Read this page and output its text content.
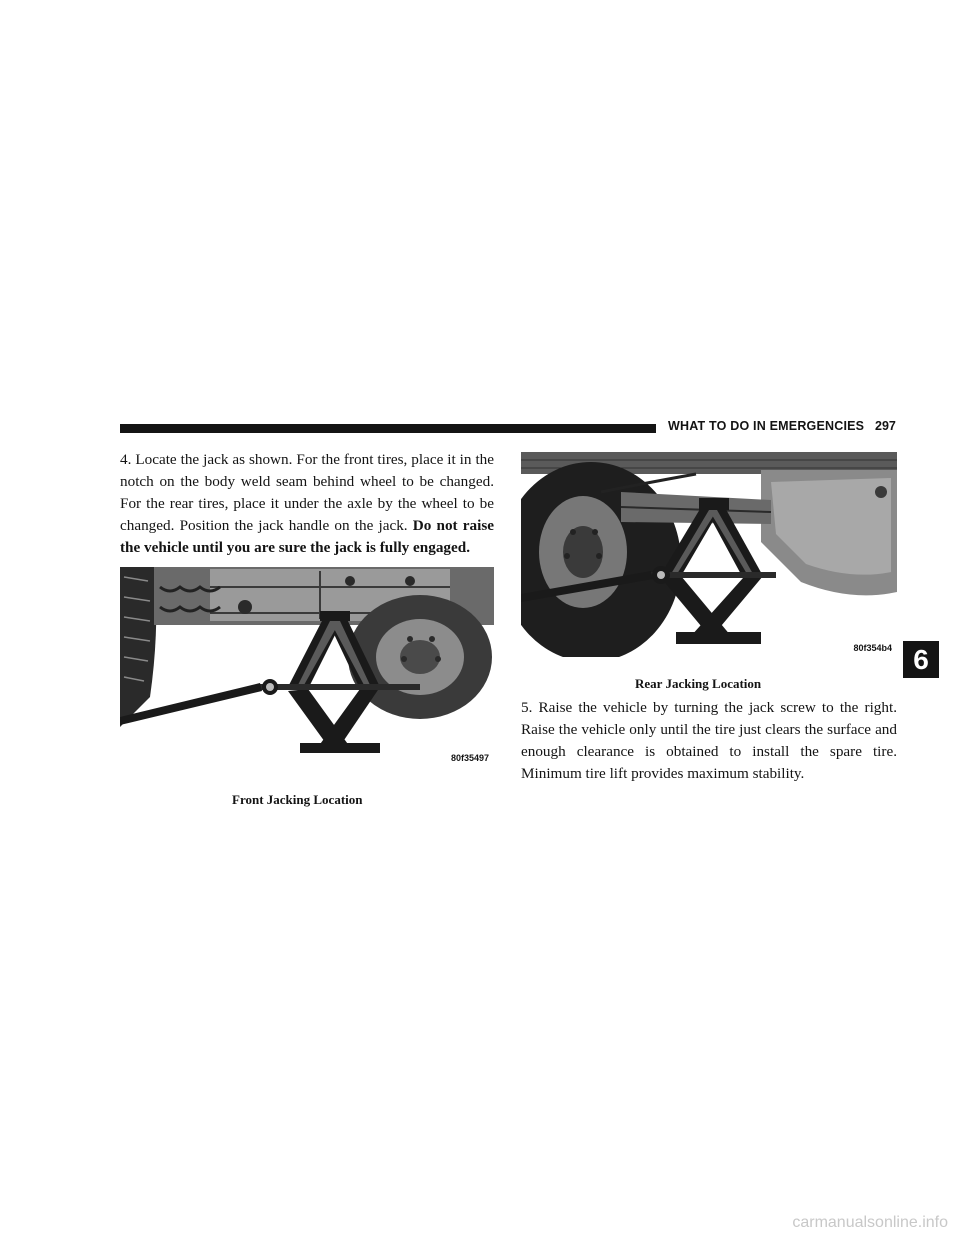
WHAT TO DO IN EMERGENCIES 297

4. Locate the jack as shown. For the front tires, place it in the notch on the body weld seam behind wheel to be changed. For the rear tires, place it under the axle by the wheel to be changed. Position the jack handle on the jack. Do not raise the vehicle until you are sure the jack is fully engaged.

80f35497
Front Jacking Location
80f354b4
Rear Jacking Location

5. Raise the vehicle by turning the jack screw to the right. Raise the vehicle only until the tire just clears the surface and enough clearance is obtained to install the spare tire. Minimum tire lift provides maximum stability.

6
carmanualsonline.info
